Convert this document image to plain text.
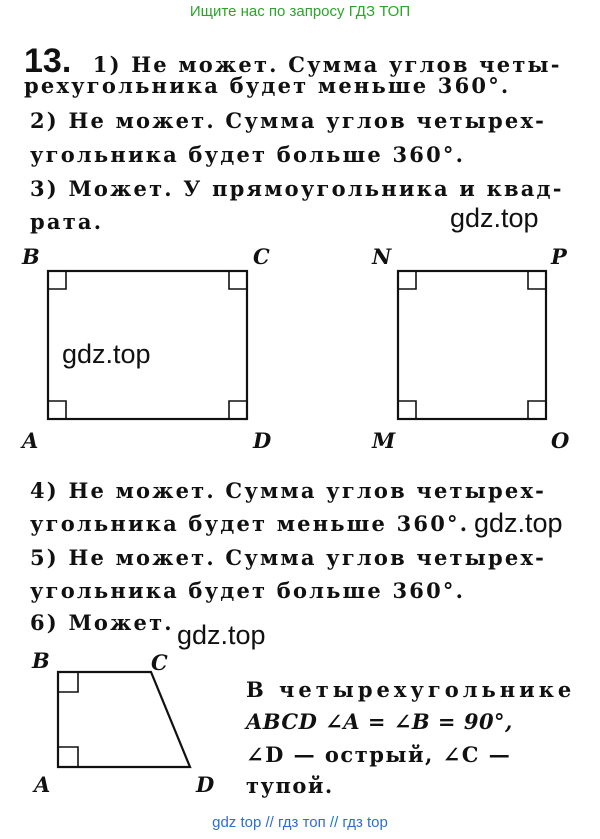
Ищите нас по запросу ГДЗ ТОП
13. 1) Не может. Сумма углов четы-
рехугольника будет меньше 360°.
2) Не может. Сумма углов четырех-
угольника будет больше 360°.
3) Может. У прямоугольника и квад-
рата.	gdz.top
B	C
A	D
N	P
M	O
gdz.top
4) Не может. Сумма углов четырех-
угольника будет меньше 360°. gdz.top
5) Не может. Сумма углов четырех-
угольника будет больше 360°.
6) Может. gdz.top
B	C
A	D
В четырехугольнике
ABCD ∠A = ∠B = 90°,
∠D — острый, ∠C —
тупой.
gdz top // гдз топ // гдз top
